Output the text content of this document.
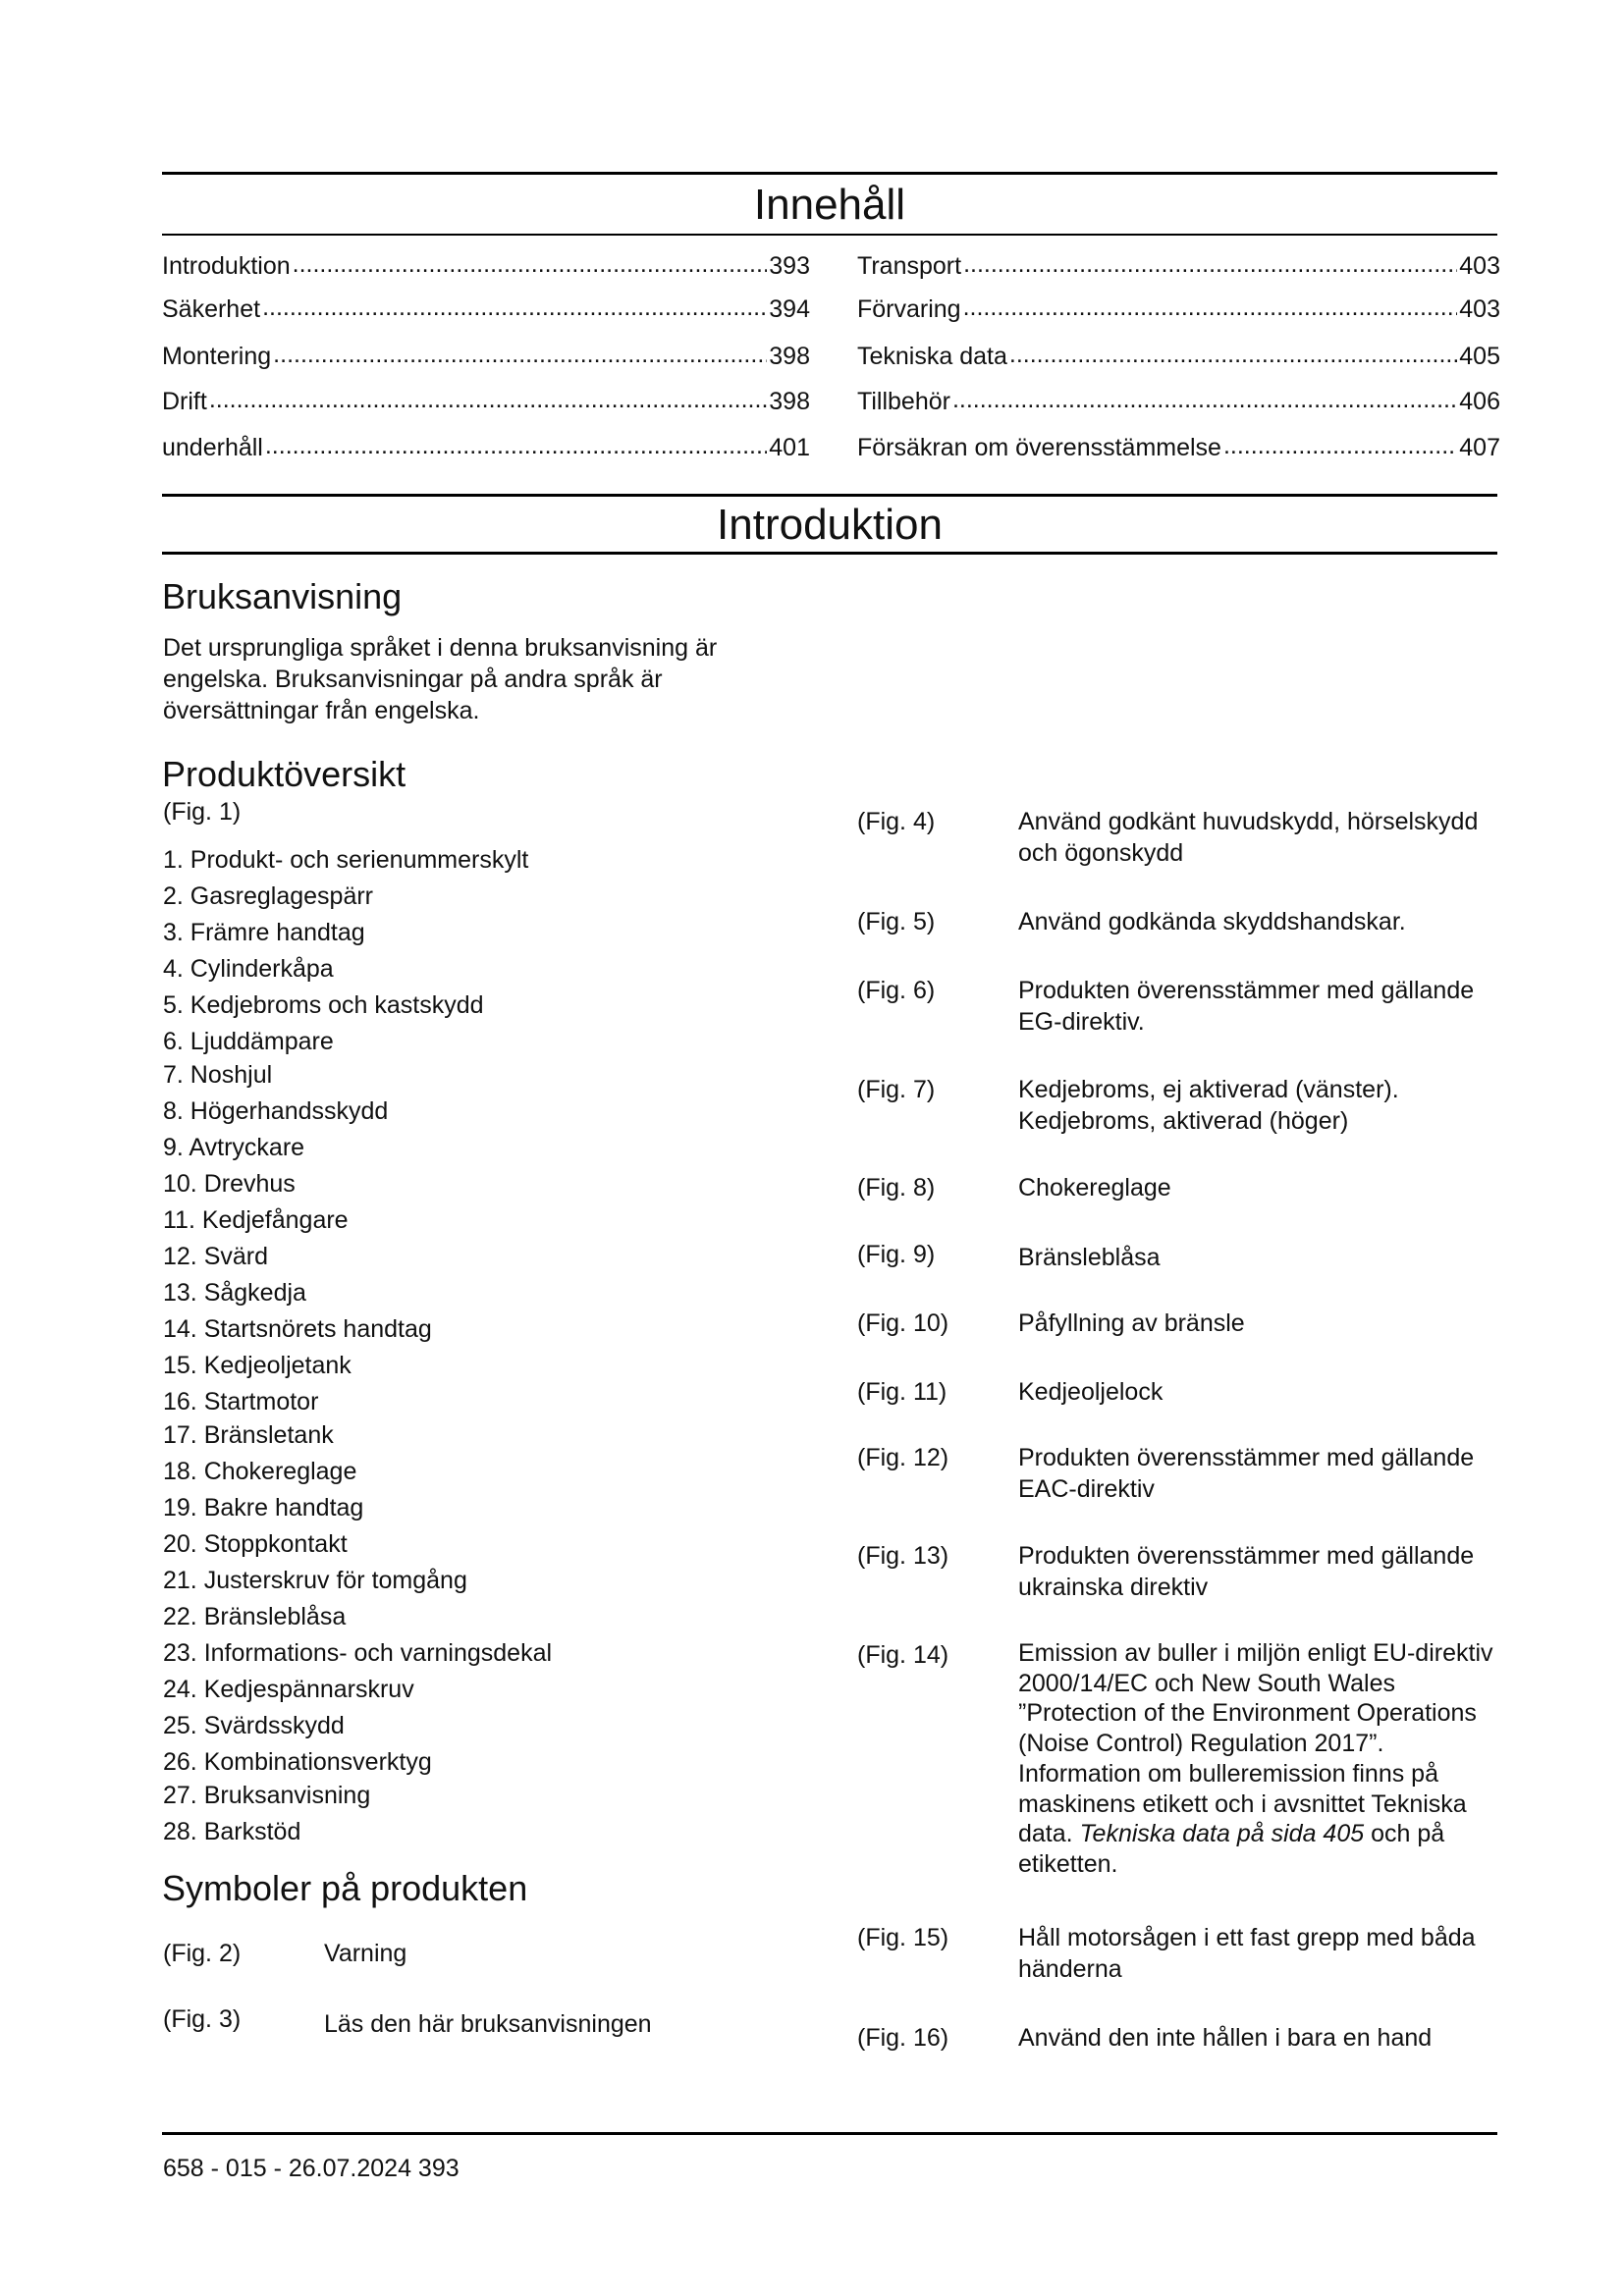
Innehåll
Introduktion .....	393
Säkerhet .....	394
Montering .....	398
Drift .....	398
underhåll .....	401
Transport .....	403
Förvaring .....	403
Tekniska data .....	405
Tillbehör .....	406
Försäkran om överensstämmelse .....	407
Introduktion
Bruksanvisning
Det ursprungliga språket i denna bruksanvisning är engelska. Bruksanvisningar på andra språk är översättningar från engelska.
Produktöversikt
(Fig. 1)
1. Produkt- och serienummerskylt
2. Gasreglagespärr
3. Främre handtag
4. Cylinderkåpa
5. Kedjebroms och kastskydd
6. Ljuddämpare
7. Noshjul
8. Högerhandsskydd
9. Avtryckare
10. Drevhus
11. Kedjefångare
12. Svärd
13. Sågkedja
14. Startsnörets handtag
15. Kedjeoljetank
16. Startmotor
17. Bränsletank
18. Chokereglage
19. Bakre handtag
20. Stoppkontakt
21. Justerskruv för tomgång
22. Bränsleblåsa
23. Informations- och varningsdekal
24. Kedjespännarskruv
25. Svärdsskydd
26. Kombinationsverktyg
27. Bruksanvisning
28. Barkstöd
Symboler på produkten
(Fig. 2)	Varning
(Fig. 3)	Läs den här bruksanvisningen
(Fig. 4)	Använd godkänt huvudskydd, hörselskydd och ögonskydd
(Fig. 5)	Använd godkända skyddshandskar.
(Fig. 6)	Produkten överensstämmer med gällande EG-direktiv.
(Fig. 7)	Kedjebroms, ej aktiverad (vänster). Kedjebroms, aktiverad (höger)
(Fig. 8)	Chokereglage
(Fig. 9)	Bränsleblåsa
(Fig. 10)	Påfyllning av bränsle
(Fig. 11)	Kedjeoljelock
(Fig. 12)	Produkten överensstämmer med gällande EAC-direktiv
(Fig. 13)	Produkten överensstämmer med gällande ukrainska direktiv
(Fig. 14)	Emission av buller i miljön enligt EU-direktiv 2000/14/EC och New South Wales ”Protection of the Environment Operations (Noise Control) Regulation 2017”. Information om bulleremission finns på maskinens etikett och i avsnittet Tekniska data. Tekniska data på sida 405 och på etiketten.
(Fig. 15)	Håll motorsågen i ett fast grepp med båda händerna
(Fig. 16)	Använd den inte hållen i bara en hand
658 - 015 - 26.07.2024 393
